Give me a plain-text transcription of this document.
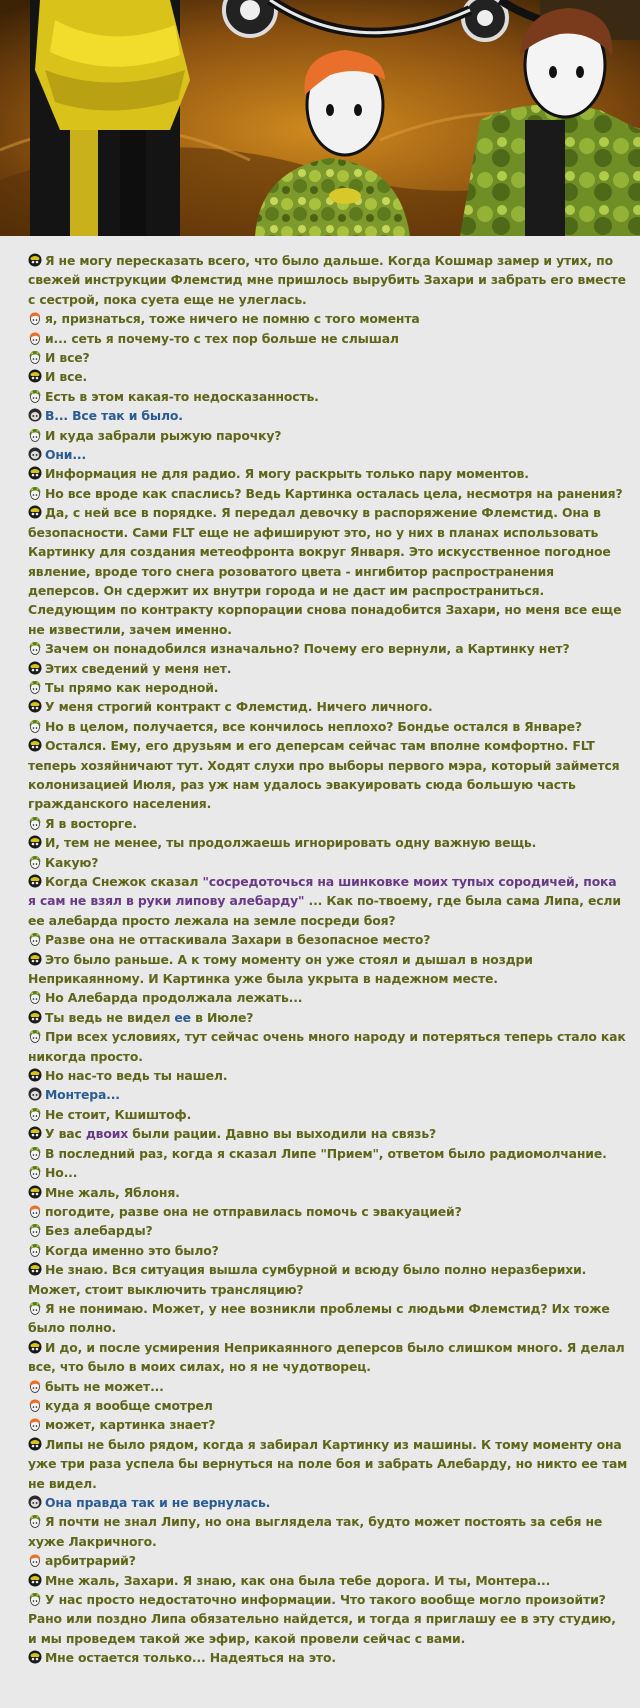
Я не могу пересказать всего, что было дальше. Когда Кошмар замер и утих, по свежей инструкции Флемстид мне пришлось вырубить Захари и забрать его вместе с сестрой, пока суета еще не улеглась.

я, признаться, тоже ничего не помню с того момента

и... сеть я почему-то с тех пор больше не слышал

И все?

И все.

Есть в этом какая-то недосказанность.

В... Все так и было.

И куда забрали рыжую парочку?

Они...

Информация не для радио. Я могу раскрыть только пару моментов.

Но все вроде как спаслись? Ведь Картинка осталась цела, несмотря на ранения?

Да, с ней все в порядке. Я передал девочку в распоряжение Флемстид. Она в безопасности. Сами FLT еще не афишируют это, но у них в планах использовать Картинку для создания метеофронта вокруг Января. Это искусственное погодное явление, вроде того снега розоватого цвета - ингибитор распространения деперсов. Он сдержит их внутри города и не даст им распространиться. Следующим по контракту корпорации снова понадобится Захари, но меня все еще не известили, зачем именно.

Зачем он понадобился изначально? Почему его вернули, а Картинку нет?

Этих сведений у меня нет.

Ты прямо как неродной.

У меня строгий контракт с Флемстид. Ничего личного.

Но в целом, получается, все кончилось неплохо? Бондье остался в Январе?

Остался. Ему, его друзьям и его деперсам сейчас там вполне комфортно. FLT теперь хозяйничают тут. Ходят слухи про выборы первого мэра, который займется колонизацией Июля, раз уж нам удалось эвакуировать сюда большую часть гражданского населения.

Я в восторге.

И, тем не менее, ты продолжаешь игнорировать одну важную вещь.

Какую?

Когда Снежок сказал "сосредоточься на шинковке моих тупых сородичей, пока я сам не взял в руки липову алебарду" ... Как по-твоему, где была сама Липа, если ее алебарда просто лежала на земле посреди боя?

Разве она не оттаскивала Захари в безопасное место?

Это было раньше. А к тому моменту он уже стоял и дышал в ноздри Неприкаянному. И Картинка уже была укрыта в надежном месте.

Но Алебарда продолжала лежать...

Ты ведь не видел ее в Июле?

При всех условиях, тут сейчас очень много народу и потеряться теперь стало как никогда просто.

Но нас-то ведь ты нашел.

Монтера...

Не стоит, Кшиштоф.

У вас двоих были рации. Давно вы выходили на связь?

В последний раз, когда я сказал Липе "Прием", ответом было радиомолчание.

Но...

Мне жаль, Яблоня.

погодите, разве она не отправилась помочь с эвакуацией?

Без алебарды?

Когда именно это было?

Не знаю. Вся ситуация вышла сумбурной и всюду было полно неразберихи. Может, стоит выключить трансляцию?

Я не понимаю. Может, у нее возникли проблемы с людьми Флемстид? Их тоже было полно.

И до, и после усмирения Неприкаянного деперсов было слишком много. Я делал все, что было в моих силах, но я не чудотворец.

быть не может...

куда я вообще смотрел

может, картинка знает?

Липы не было рядом, когда я забирал Картинку из машины. К тому моменту она уже три раза успела бы вернуться на поле боя и забрать Алебарду, но никто ее там не видел.

Она правда так и не вернулась.

Я почти не знал Липу, но она выглядела так, будто может постоять за себя не хуже Лакричного.

арбитрарий?

Мне жаль, Захари. Я знаю, как она была тебе дорога. И ты, Монтера...

У нас просто недостаточно информации. Что такого вообще могло произойти? Рано или поздно Липа обязательно найдется, и тогда я приглашу ее в эту студию, и мы проведем такой же эфир, какой провели сейчас с вами.

Мне остается только... Надеяться на это.
